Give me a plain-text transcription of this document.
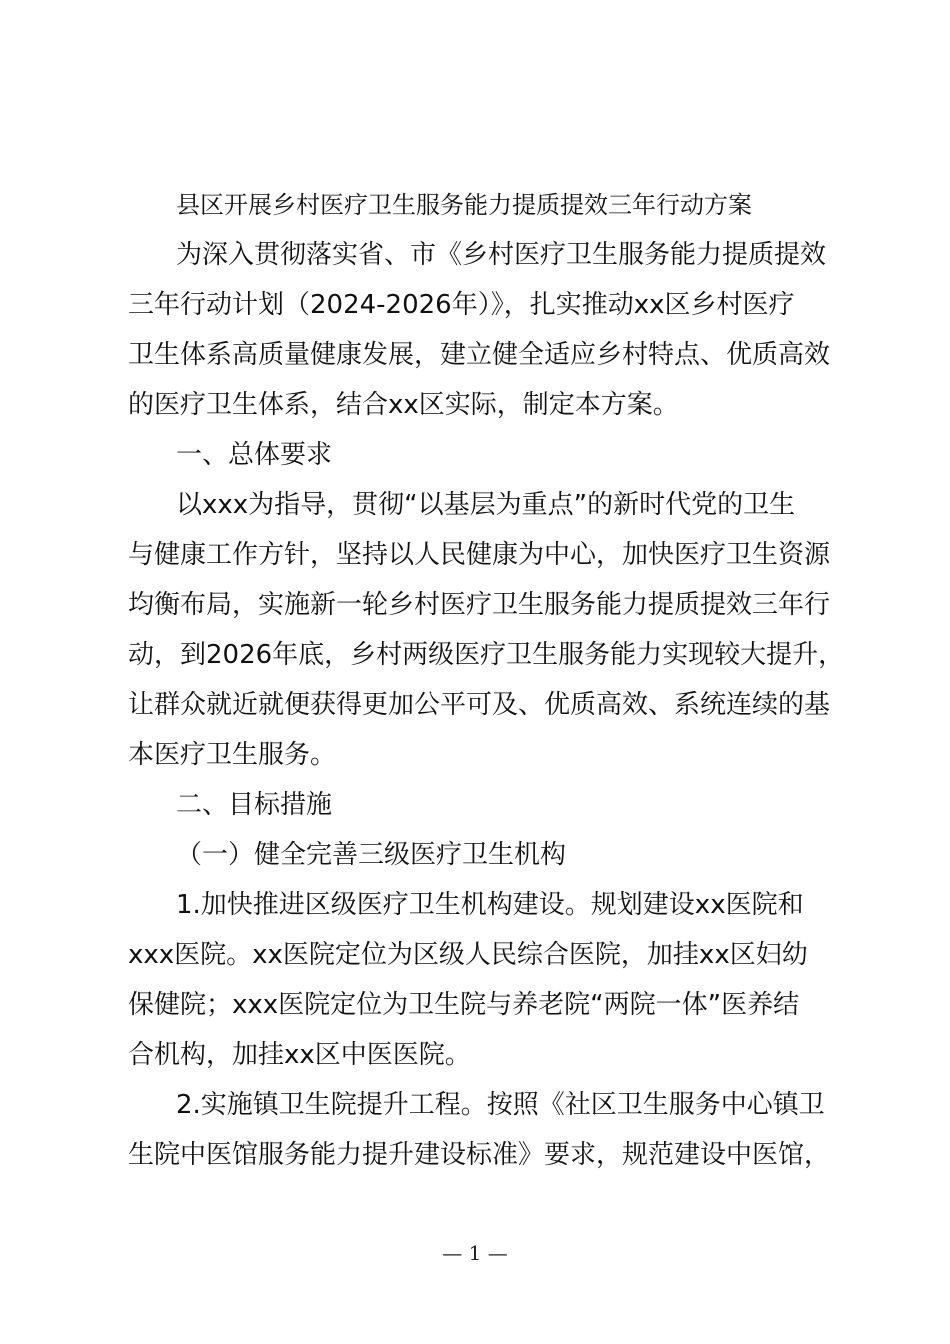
县区开展乡村医疗卫生服务能力提质提效三年行动方案
为深入贯彻落实省、市《乡村医疗卫生服务能力提质提效
三年行动计划（2024-2026年）》，扎实推动xx区乡村医疗
卫生体系高质量健康发展，建立健全适应乡村特点、优质高效
的医疗卫生体系，结合xx区实际，制定本方案。
一、总体要求
以xxx为指导，贯彻“以基层为重点”的新时代党的卫生
与健康工作方针，坚持以人民健康为中心，加快医疗卫生资源
均衡布局，实施新一轮乡村医疗卫生服务能力提质提效三年行
动，到2026年底，乡村两级医疗卫生服务能力实现较大提升，
让群众就近就便获得更加公平可及、优质高效、系统连续的基
本医疗卫生服务。
二、目标措施
（一）健全完善三级医疗卫生机构
1.加快推进区级医疗卫生机构建设。规划建设xx医院和
xxx医院。xx医院定位为区级人民综合医院，加挂xx区妇幼
保健院；xxx医院定位为卫生院与养老院“两院一体”医养结
合机构，加挂xx区中医医院。
2.实施镇卫生院提升工程。按照《社区卫生服务中心镇卫
生院中医馆服务能力提升建设标准》要求，规范建设中医馆，
— 1 —
